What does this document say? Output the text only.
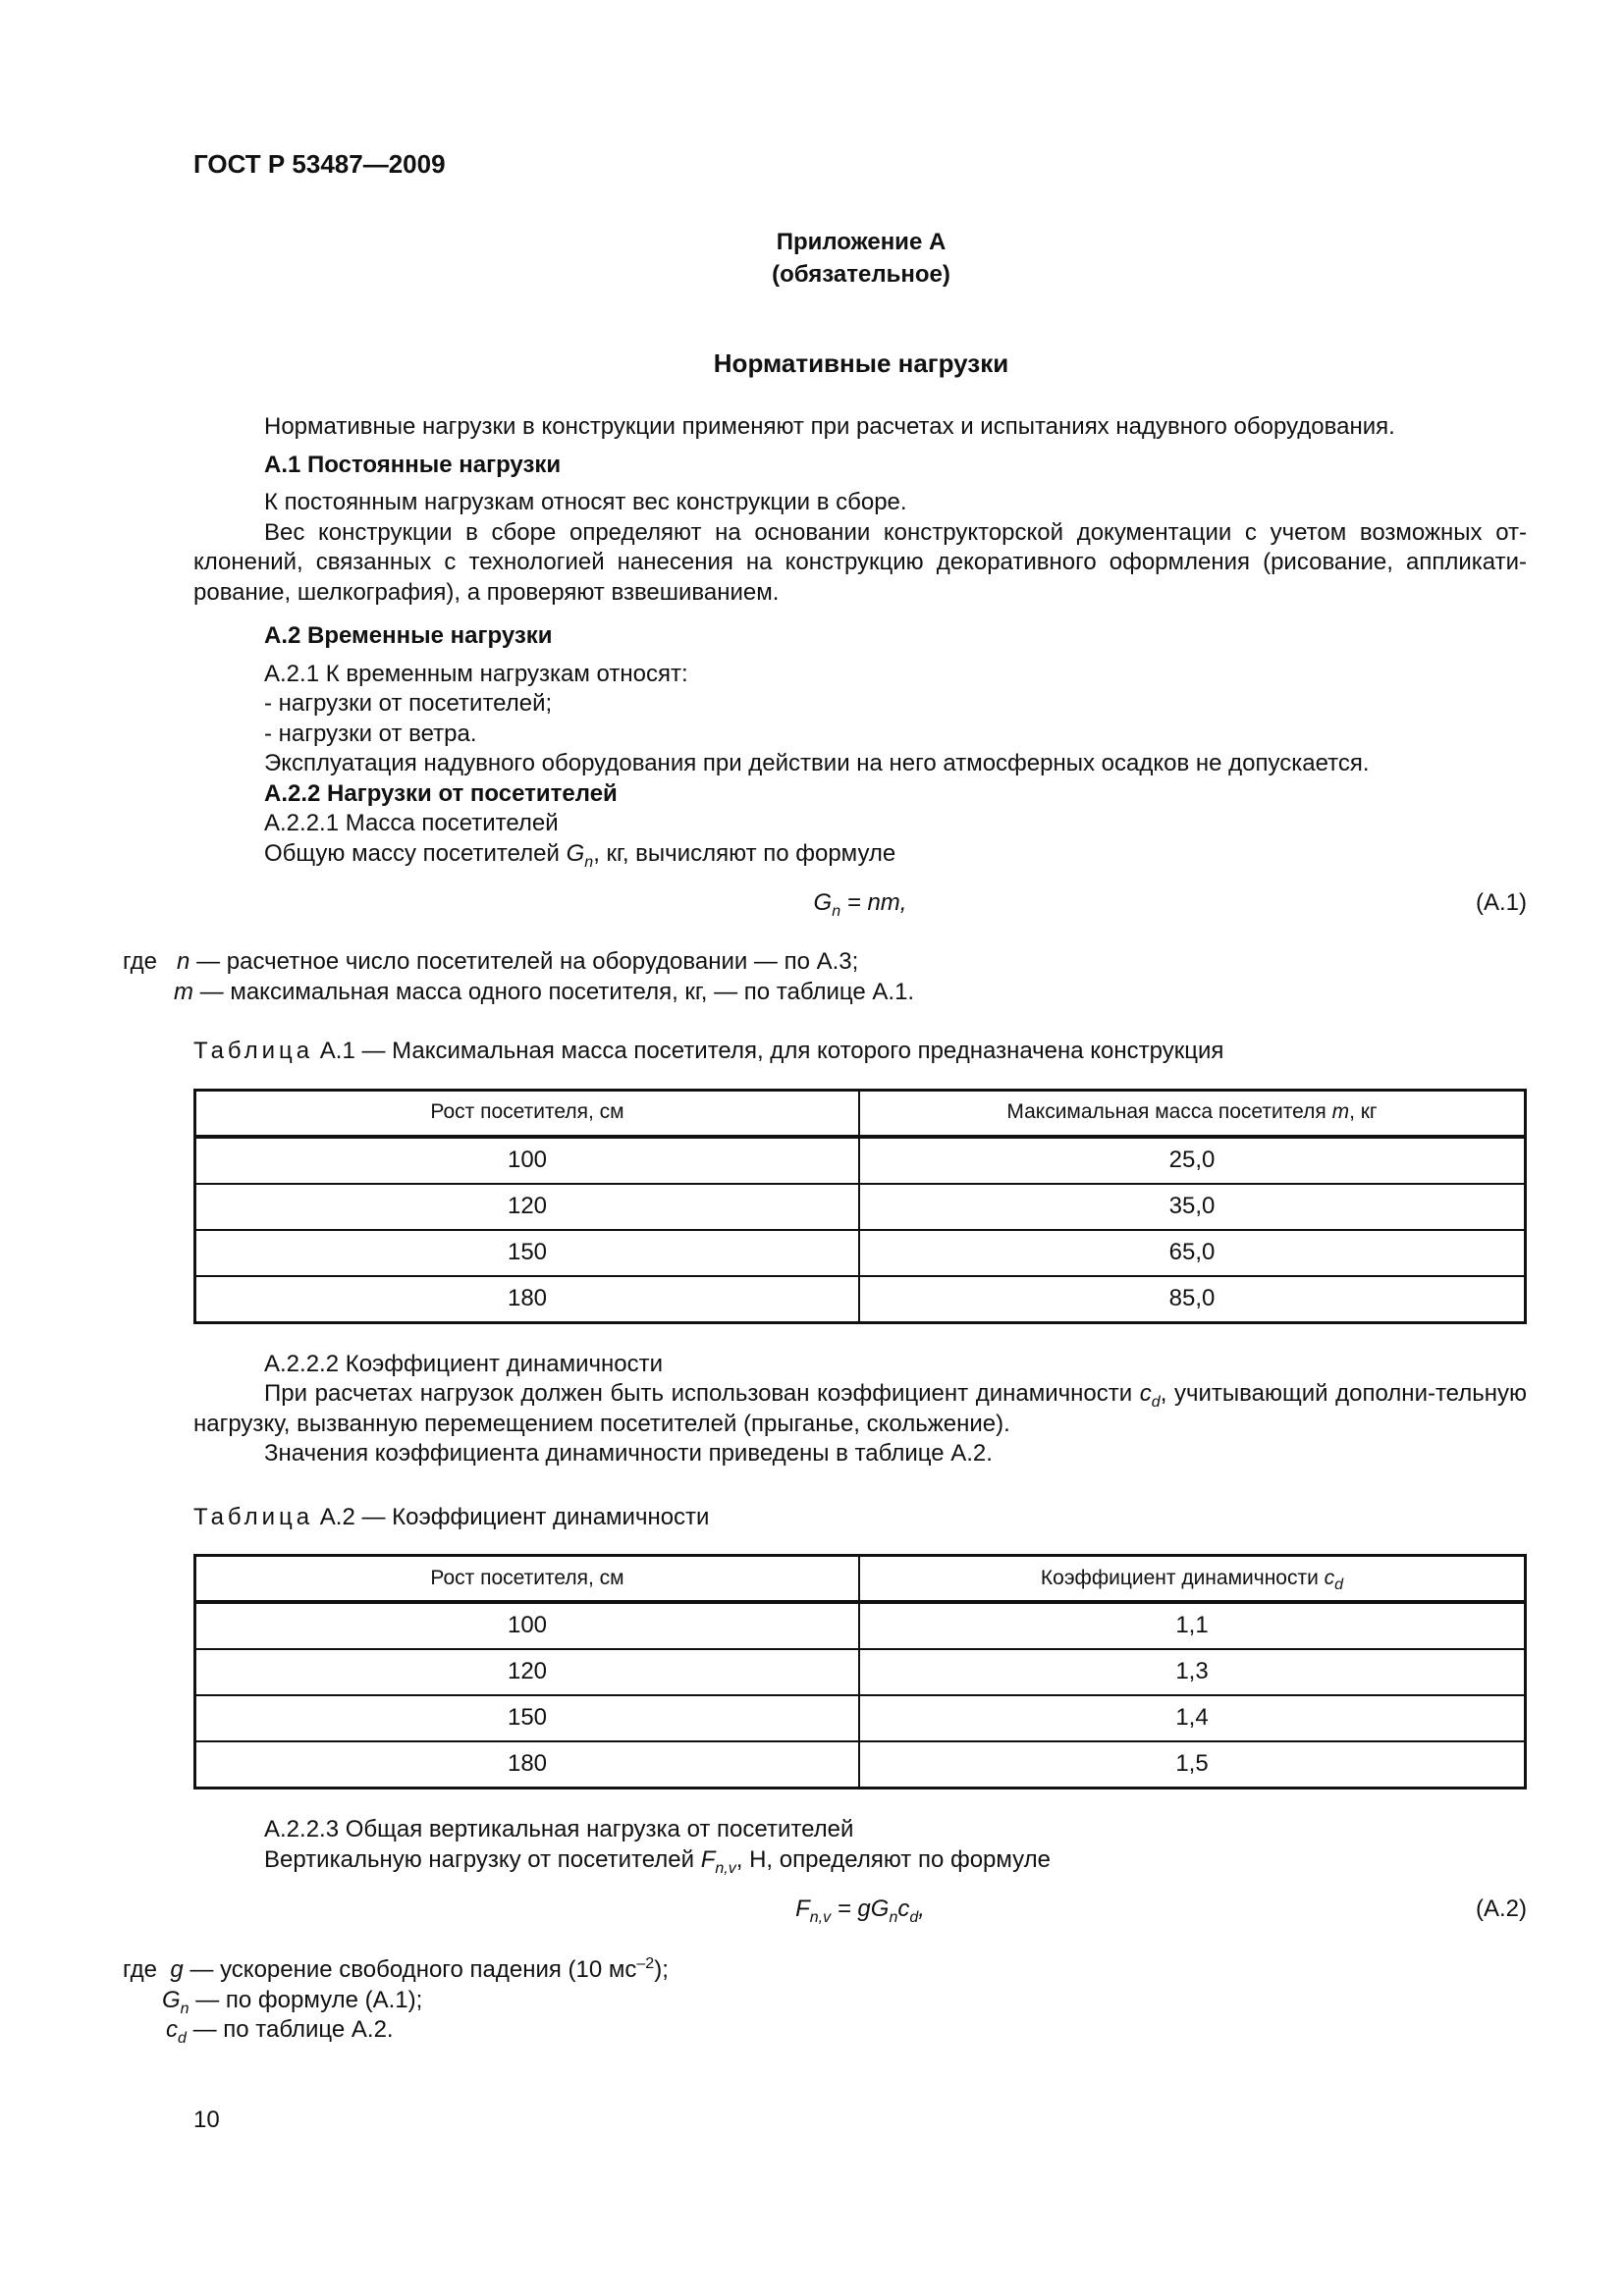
ГОСТ Р 53487—2009
Приложение А
(обязательное)
Нормативные нагрузки

Нормативные нагрузки в конструкции применяют при расчетах и испытаниях надувного оборудования.

А.1 Постоянные нагрузки

К постоянным нагрузкам относят вес конструкции в сборе.

Вес конструкции в сборе определяют на основании конструкторской документации с учетом возможных от-клонений, связанных с технологией нанесения на конструкцию декоративного оформления (рисование, аппликати-рование, шелкография), а проверяют взвешиванием.

А.2 Временные нагрузки

А.2.1 К временным нагрузкам относят:

- нагрузки от посетителей;

- нагрузки от ветра.

Эксплуатация надувного оборудования при действии на него атмосферных осадков не допускается.

А.2.2 Нагрузки от посетителей

А.2.2.1 Масса посетителей

Общую массу посетителей $G_n$, кг, вычисляют по формуле

$G_n$ = nm,	(А.1)

где n — расчетное число посетителей на оборудовании — по А.3;

m — максимальная масса одного посетителя, кг, — по таблице А.1.

Таблица А.1 — Максимальная масса посетителя, для которого предназначена конструкция

Рост посетителя, см	Максимальная масса посетителя m, кг
100	25,0
120	35,0
150	65,0
180	85,0

А.2.2.2 Коэффициент динамичности

При расчетах нагрузок должен быть использован коэффициент динамичности $c_d$, учитывающий дополни-тельную нагрузку, вызванную перемещением посетителей (прыганье, скольжение).

Значения коэффициента динамичности приведены в таблице А.2.

Таблица А.2 — Коэффициент динамичности

Рост посетителя, см	Коэффициент динамичности $c_d$
100	1,1
120	1,3
150	1,4
180	1,5

А.2.2.3 Общая вертикальная нагрузка от посетителей

Вертикальную нагрузку от посетителей $F_{n,v}$, Н, определяют по формуле

$F_{n,v} = gG_nc_d$,	(А.2)

где g — ускорение свободного падения (10 $мс^{-2}$);

$G_n$ — по формуле (А.1);

$c_d$ — по таблице А.2.

10
